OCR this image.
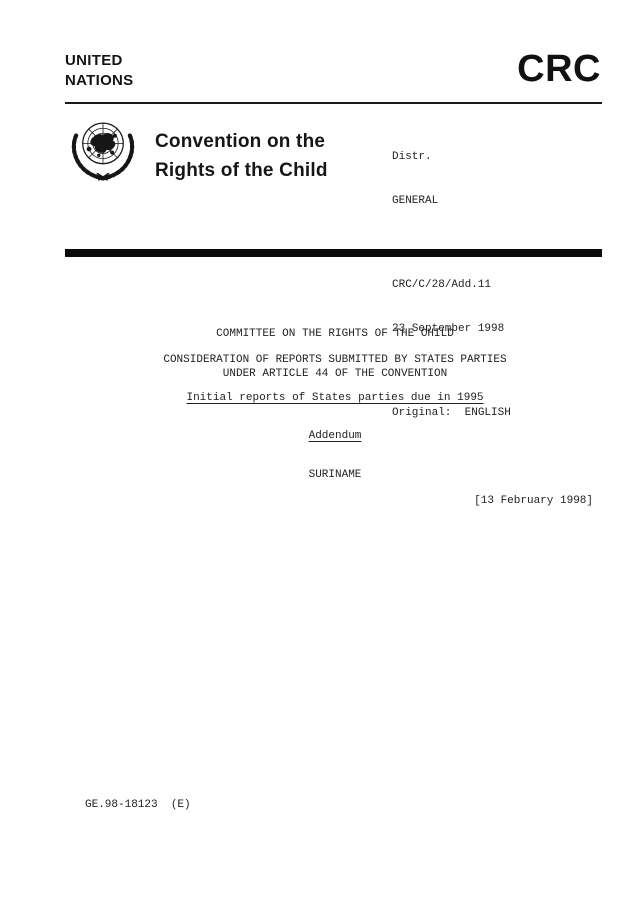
UNITED
NATIONS	CRC
Convention on the
Rights of the Child

Distr.

GENERAL

CRC/C/28/Add.11

23 September 1998

Original:  ENGLISH

COMMITTEE ON THE RIGHTS OF THE CHILD

CONSIDERATION OF REPORTS SUBMITTED BY STATES PARTIES

UNDER ARTICLE 44 OF THE CONVENTION

Initial reports of States parties due in 1995

Addendum

SURINAME

[13 February 1998]

GE.98-18123  (E)
